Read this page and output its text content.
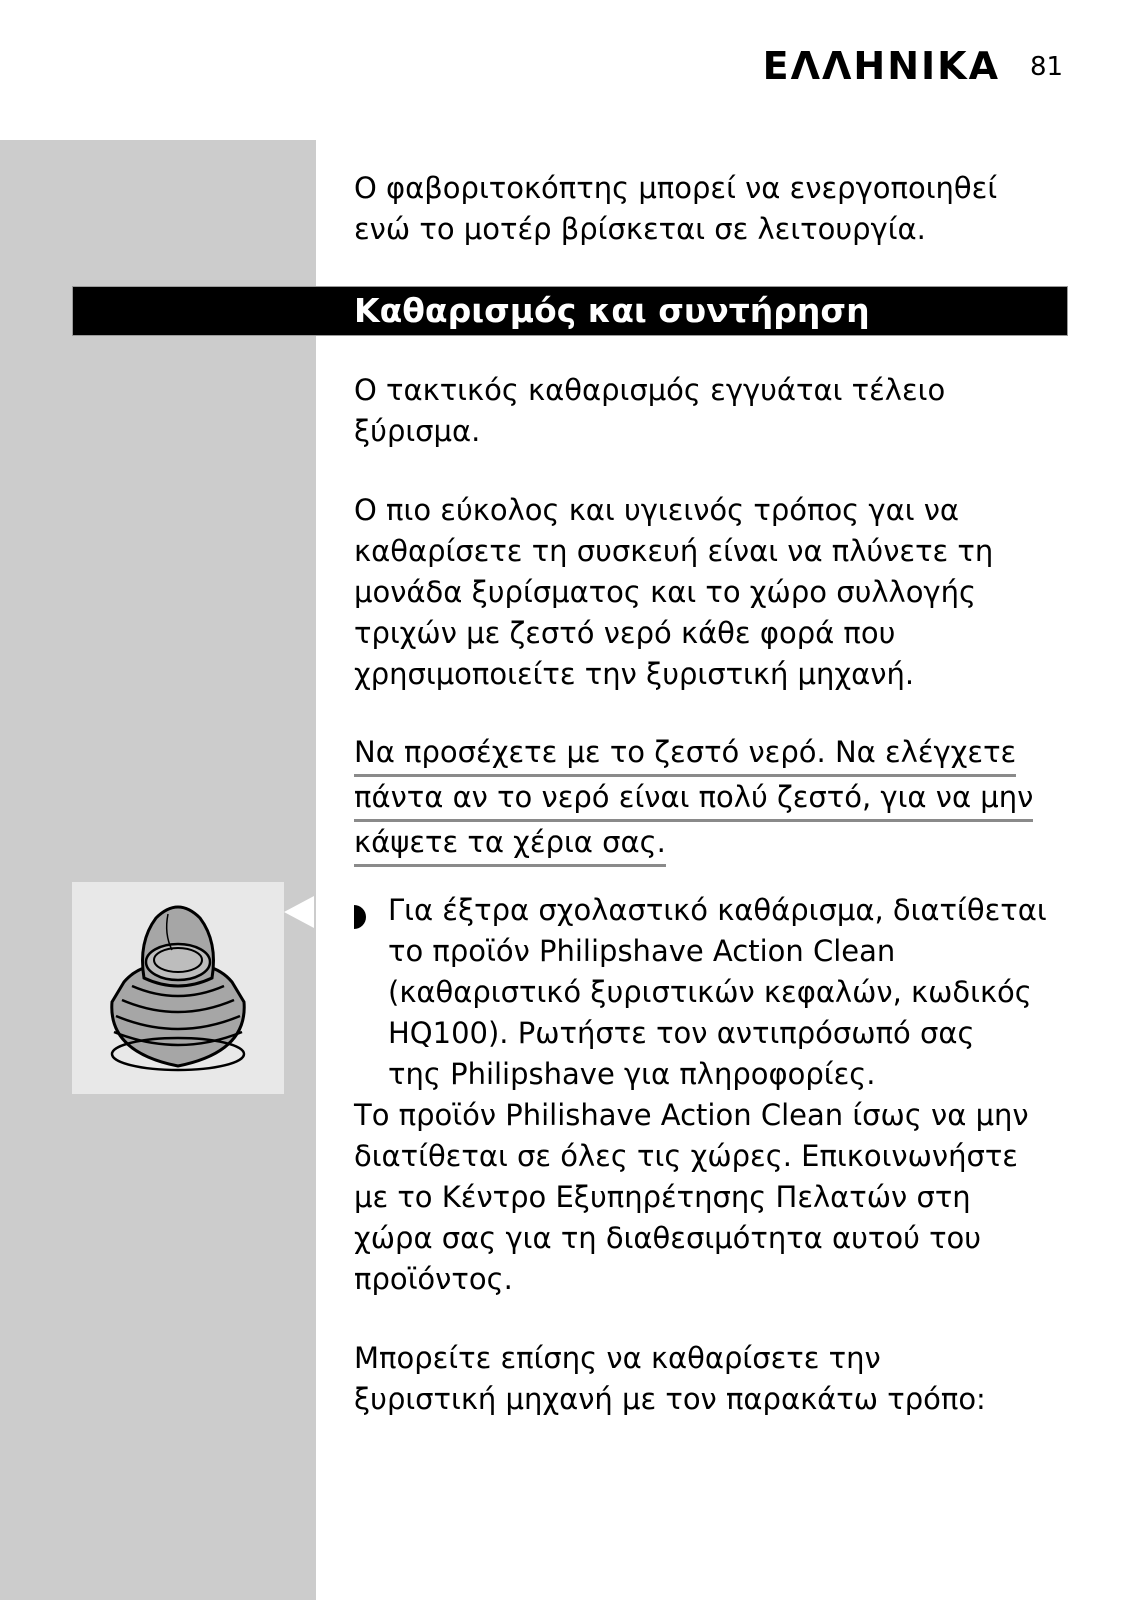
ΕΛΛΗΝΙΚΑ 81
Ο φαβοριτοκόπτης μπορεί να ενεργοποιηθεί
ενώ το μοτέρ βρίσκεται σε λειτουργία.
Καθαρισμός και συντήρηση
Ο τακτικός καθαρισμός εγγυάται τέλειο
ξύρισμα.
Ο πιο εύκολος και υγιεινός τρόπος γαι να
καθαρίσετε τη συσκευή είναι να πλύνετε τη
μονάδα ξυρίσματος και το χώρο συλλογής
τριχών με ζεστό νερό κάθε φορά που
χρησιμοποιείτε την ξυριστική μηχανή.
Να προσέχετε με το ζεστό νερό. Να ελέγχετε
πάντα αν το νερό είναι πολύ ζεστό, για να μην
κάψετε τα χέρια σας.
Για έξτρα σχολαστικό καθάρισμα, διατίθεται
το προϊόν Philipshave Action Clean
(καθαριστικό ξυριστικών κεφαλών, κωδικός
HQ100). Ρωτήστε τον αντιπρόσωπό σας
της Philipshave για πληροφορίες.
Το προϊόν Philishave Action Clean ίσως να μην
διατίθεται σε όλες τις χώρες. Επικοινωνήστε
με το Κέντρο Εξυπηρέτησης Πελατών στη
χώρα σας για τη διαθεσιμότητα αυτού του
προϊόντος.
Μπορείτε επίσης να καθαρίσετε την
ξυριστική μηχανή με τον παρακάτω τρόπο:
